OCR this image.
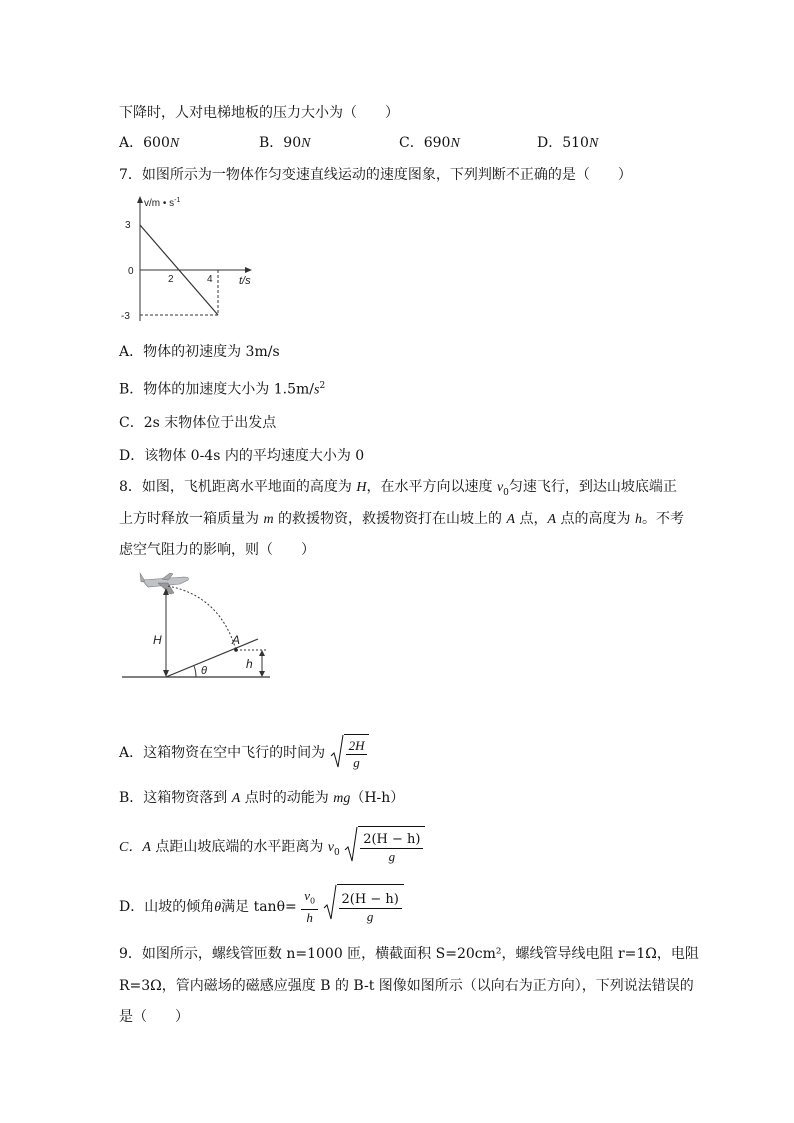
下降时，人对电梯地板的压力大小为（　　）
A．600N	B．90N	C．690N	D．510N
7．如图所示为一物体作匀变速直线运动的速度图象，下列判断不正确的是（　　）
v/m • $s^{-1}$
t/s
3
0
-3
2	4
A．物体的初速度为 3m/s
B．物体的加速度大小为 $1.5m/s^2$
C．2s 末物体位于出发点
D．该物体 0-4s 内的平均速度大小为 0
8．如图，飞机距离水平地面的高度为 H，在水平方向以速度 $v_0$匀速飞行，到达山坡底端正
上方时释放一箱质量为 m 的救援物资，救援物资打在山坡上的 A 点，A 点的高度为 h。不考
虑空气阻力的影响，则（　　）
H	A
h
θ
A．这箱物资在空中飞行的时间为 $\frac{2H}{g}$
B．这箱物资落到 A 点时的动能为 mg（H-h）
C．A 点距山坡底端的水平距离为 $v_0 \frac{2(H - h)}{g}$
D．山坡的倾角θ满足 $\tan\theta= \frac{v_0}{h}$
$\frac{2(H - h)}{g}$
9．如图所示，螺线管匝数 n=1000 匝，横截面积 S=20cm²，螺线管导线电阻 r=1Ω，电阻
R=3Ω，管内磁场的磁感应强度 B 的 B-t 图像如图所示（以向右为正方向），下列说法错误的
是（　　）
